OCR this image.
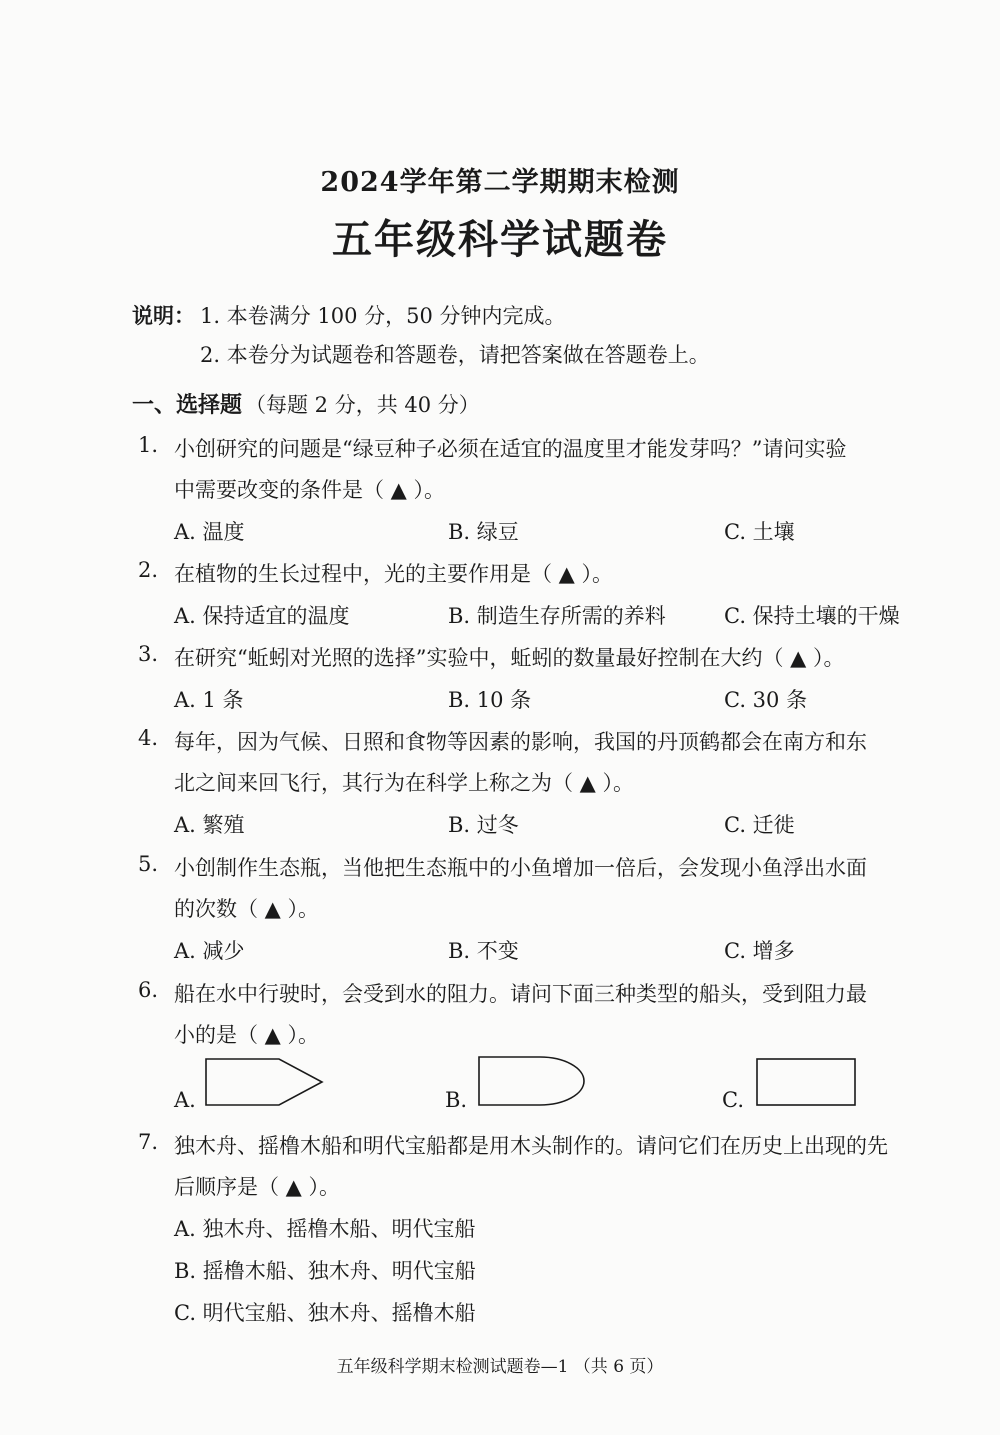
2024学年第二学期期末检测
五年级科学试题卷
说明： 1. 本卷满分 100 分，50 分钟内完成。
2. 本卷分为试题卷和答题卷，请把答案做在答题卷上。
一、选择题 （每题 2 分，共 40 分）
1. 小创研究的问题是“绿豆种子必须在适宜的温度里才能发芽吗？”请问实验
中需要改变的条件是（ ▲ ）。
A. 温度	B. 绿豆	C. 土壤
2. 在植物的生长过程中，光的主要作用是（ ▲ ）。
A. 保持适宜的温度	B. 制造生存所需的养料	C. 保持土壤的干燥
3. 在研究“蚯蚓对光照的选择”实验中，蚯蚓的数量最好控制在大约（ ▲ ）。
A. 1 条	B. 10 条	C. 30 条
4. 每年，因为气候、日照和食物等因素的影响，我国的丹顶鹤都会在南方和东
北之间来回飞行，其行为在科学上称之为（ ▲ ）。
A. 繁殖	B. 过冬	C. 迁徙
5. 小创制作生态瓶，当他把生态瓶中的小鱼增加一倍后，会发现小鱼浮出水面
的次数（ ▲ ）。
A. 减少	B. 不变	C. 增多
6. 船在水中行驶时，会受到水的阻力。请问下面三种类型的船头，受到阻力最
小的是（ ▲ ）。
A.	B.	C.
7. 独木舟、摇橹木船和明代宝船都是用木头制作的。请问它们在历史上出现的先
后顺序是（ ▲ ）。
A. 独木舟、摇橹木船、明代宝船
B. 摇橹木船、独木舟、明代宝船
C. 明代宝船、独木舟、摇橹木船
五年级科学期末检测试题卷—1 （共 6 页）
